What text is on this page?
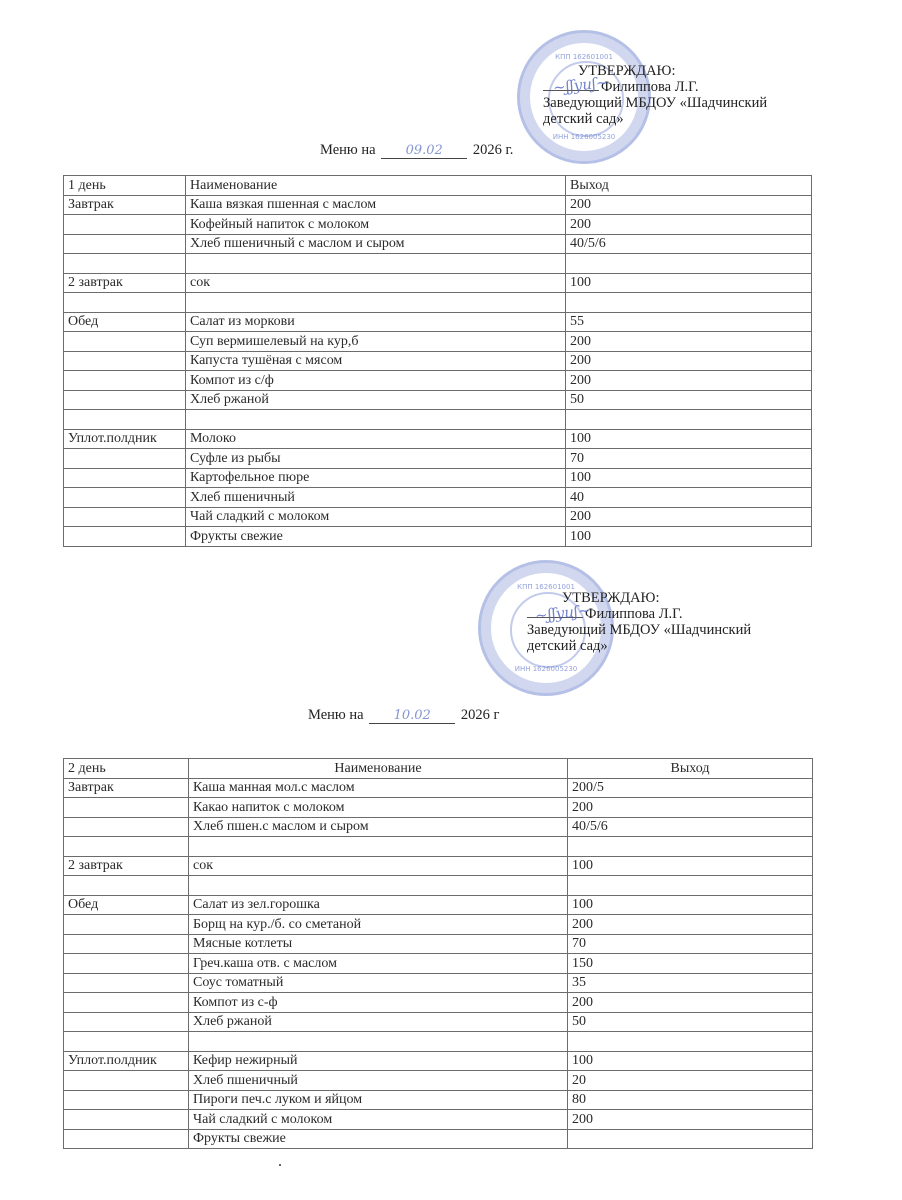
КПП 162601001
ИНН 1626005230
УТВЕРЖДАЮ:
Филиппова Л.Г.
Заведующий МБДОУ «Шадчинский
детский сад»
~ʃʃyuʃ~
Меню на 09.02 2026 г.
1 день	Наименование	Выход
Завтрак	Каша вязкая пшенная с маслом	200
	Кофейный напиток с молоком	200
	Хлеб пшеничный с маслом и сыром	40/5/6

2 завтрак	сок	100

Обед	Салат из моркови	55
	Суп вермишелевый на кур,б	200
	Капуста тушёная с мясом	200
	Компот из с/ф	200
	Хлеб ржаной	50

Уплот.полдник	Молоко	100
	Суфле из рыбы	70
	Картофельное пюре	100
	Хлеб пшеничный	40
	Чай сладкий с молоком	200
	Фрукты свежие	100
КПП 162601001
ИНН 1626005230
УТВЕРЖДАЮ:
Филиппова Л.Г.
Заведующий МБДОУ «Шадчинский
детский сад»
~ʃʃyuʃ~
Меню на 10.02 2026 г
2 день	Наименование	Выход
Завтрак	Каша манная мол.с маслом	200/5
	Какао напиток с молоком	200
	Хлеб пшен.с маслом и сыром	40/5/6

2 завтрак	сок	100

Обед	Салат из зел.горошка	100
	Борщ на кур./б. со сметаной	200
	Мясные котлеты	70
	Греч.каша отв. с маслом	150
	Соус томатный	35
	Компот из с-ф	200
	Хлеб ржаной	50

Уплот.полдник	Кефир нежирный	100
	Хлеб пшеничный	20
	Пироги печ.с луком и яйцом	80
	Чай сладкий с молоком	200
	Фрукты свежие	
